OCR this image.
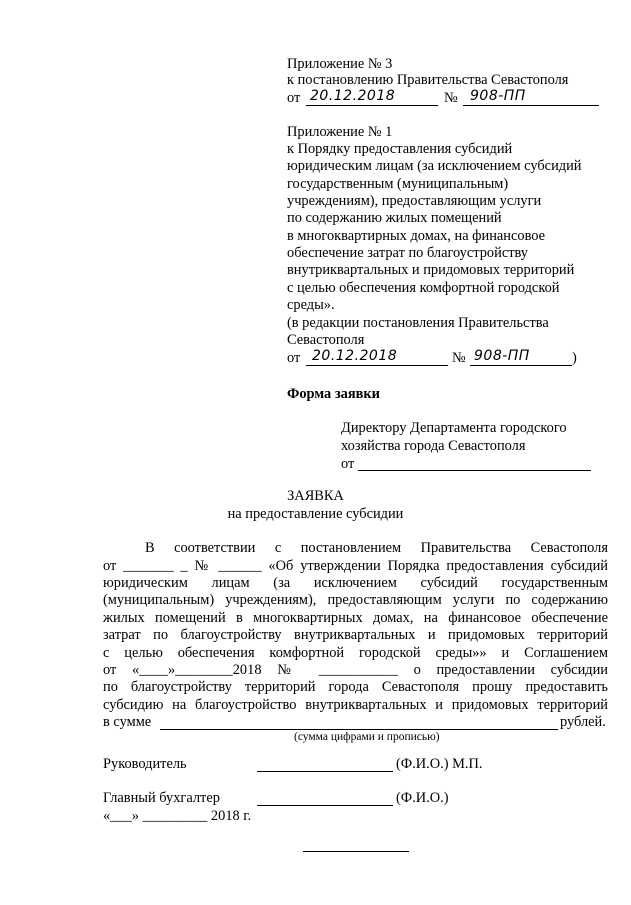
Приложение № 3
к постановлению Правительства Севастополя
от 20.12.2018	№ 908-ПП
Приложение № 1
к Порядку предоставления субсидий
юридическим лицам (за исключением субсидий
государственным (муниципальным)
учреждениям), предоставляющим услуги
по содержанию жилых помещений
в многоквартирных домах, на финансовое
обеспечение затрат по благоустройству
внутриквартальных и придомовых территорий
с целью обеспечения комфортной городской
среды».
(в редакции постановления Правительства
Севастополя
от 20.12.2018	№ 908-ПП	)
Форма заявки
Директору Департамента городского
хозяйства города Севастополя
от
ЗАЯВКА
на предоставление субсидии
В соответствии с постановлением Правительства Севастополя
от _______ _ № ______ «Об утверждении Порядка предоставления субсидий
юридическим лицам (за исключением субсидий государственным
(муниципальным) учреждениям), предоставляющим услуги по содержанию
жилых помещений в многоквартирных домах, на финансовое обеспечение
затрат по благоустройству внутриквартальных и придомовых территорий
с целью обеспечения комфортной городской среды»» и Соглашением
от «____»________2018 № ___________ о предоставлении субсидии
по благоустройству территорий города Севастополя прошу предоставить
субсидию на благоустройство внутриквартальных и придомовых территорий
в сумме	рублей.
(сумма цифрами и прописью)
Руководитель	(Ф.И.О.) М.П.
Главный бухгалтер	(Ф.И.О.)
«___» _________ 2018 г.
